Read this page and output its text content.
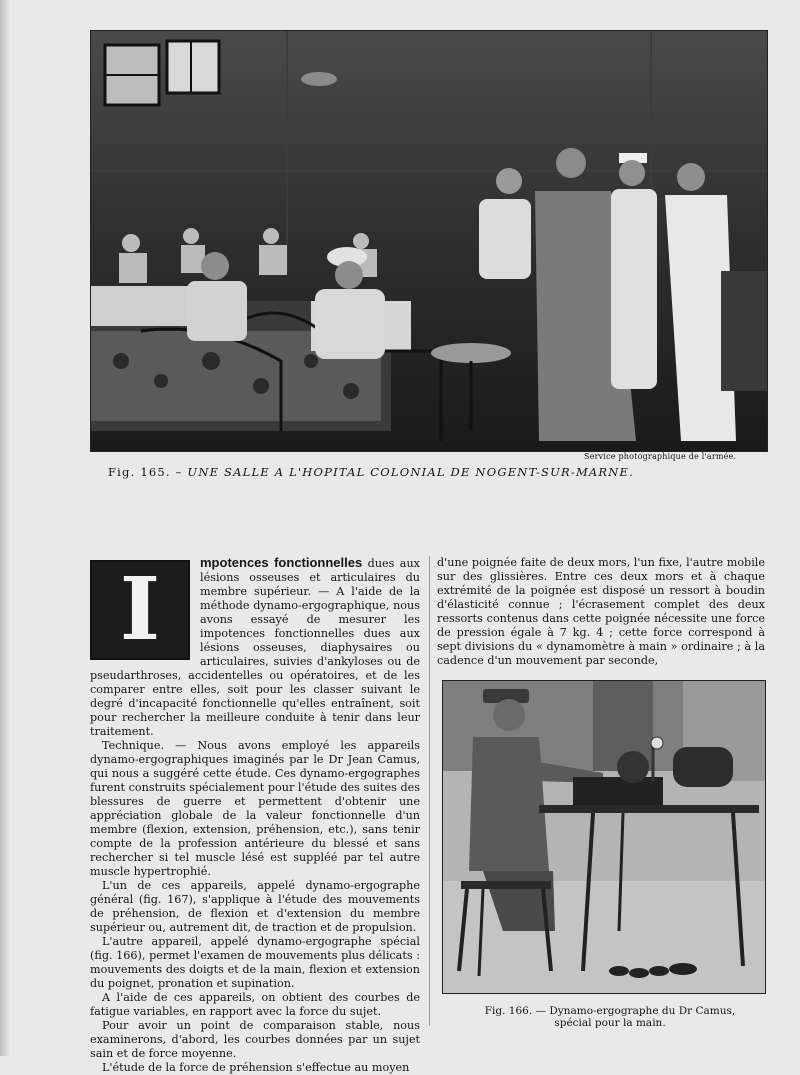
Service photographique de l'armée.
Fig. 165. – UNE SALLE A L'HOPITAL COLONIAL DE NOGENT-SUR-MARNE.
I	mpotences fonctionnelles dues aux lésions osseuses et articulaires du membre supérieur. — A l'aide de la méthode dynamo-ergographique, nous avons essayé de mesurer les impotences fonctionnelles dues aux lésions osseuses, diaphysaires ou articulaires, suivies d'ankyloses ou de pseudarthroses, accidentelles ou opératoires, et de les comparer entre elles, soit pour les classer suivant le degré d'incapacité fonctionnelle qu'elles entraînent, soit pour rechercher la meilleure conduite à tenir dans leur traitement.

Technique. — Nous avons employé les appareils dynamo-ergographiques imaginés par le Dr Jean Camus, qui nous a suggéré cette étude. Ces dynamo-ergographes furent construits spécialement pour l'étude des suites des blessures de guerre et permettent d'obtenir une appréciation globale de la valeur fonctionnelle d'un membre (flexion, extension, préhension, etc.), sans tenir compte de la profession antérieure du blessé et sans rechercher si tel muscle lésé est suppléé par tel autre muscle hypertrophié.

L'un de ces appareils, appelé dynamo-ergographe général (fig. 167), s'applique à l'étude des mouvements de préhension, de flexion et d'extension du membre supérieur ou, autrement dit, de traction et de propulsion.

L'autre appareil, appelé dynamo-ergographe spécial (fig. 166), permet l'examen de mouvements plus délicats : mouvements des doigts et de la main, flexion et extension du poignet, pronation et supination.

A l'aide de ces appareils, on obtient des courbes de fatigue variables, en rapport avec la force du sujet.

Pour avoir un point de comparaison stable, nous examinerons, d'abord, les courbes données par un sujet sain et de force moyenne.

L'étude de la force de préhension s'effectue au moyen

d'une poignée faite de deux mors, l'un fixe, l'autre mobile sur des glissières. Entre ces deux mors et à chaque extrémité de la poignée est disposé un ressort à boudin d'élasticité connue ; l'écrasement complet des deux ressorts contenus dans cette poignée nécessite une force de pression égale à 7 kg. 4 ; cette force correspond à sept divisions du « dynamomètre à main » ordinaire ; à la cadence d'un mouvement par seconde,

Fig. 166. — Dynamo-ergographe du Dr Camus,
spécial pour la main.
